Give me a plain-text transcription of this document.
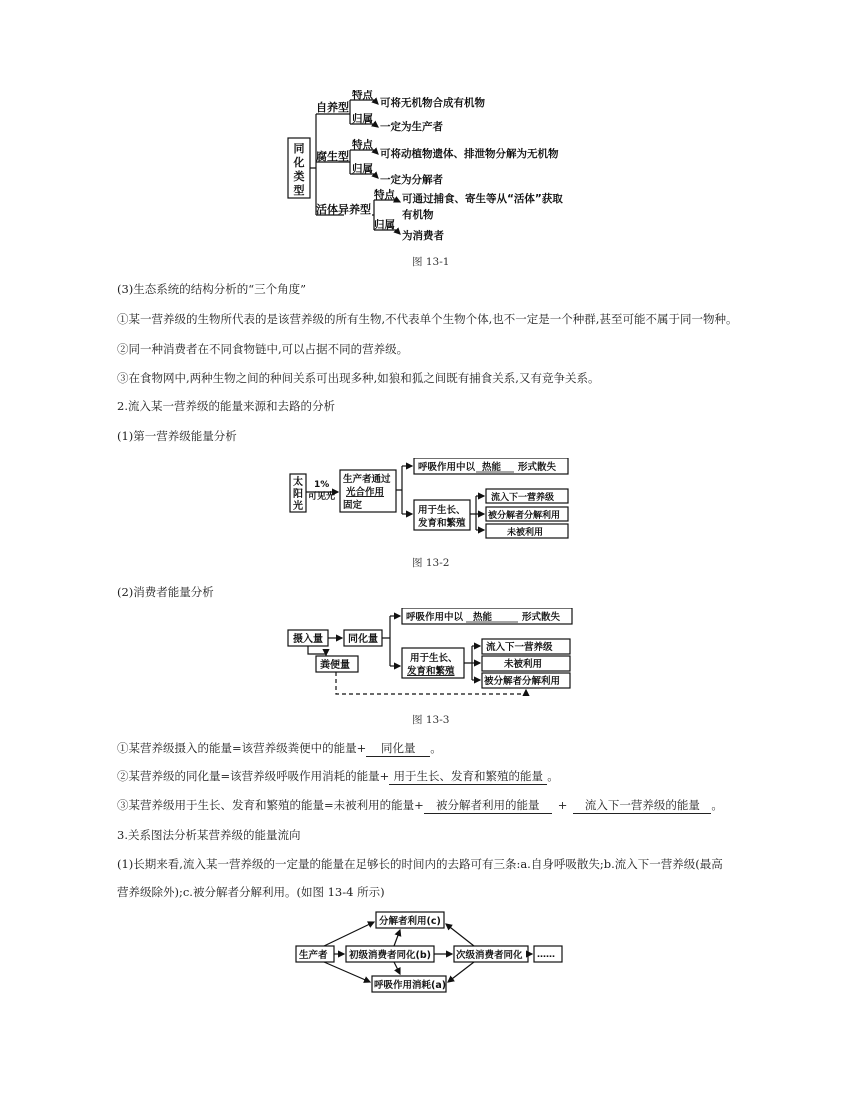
同
化
类
型
自养型
特点
归属
可将无机物合成有机物
一定为生产者
腐生型
特点
归属
可将动植物遗体、排泄物分解为无机物
一定为分解者
活体异养型
特点
归属
可通过捕食、寄生等从“活体”获取
有机物
为消费者
图 13-1
(3)生态系统的结构分析的“三个角度”
①某一营养级的生物所代表的是该营养级的所有生物,不代表单个生物个体,也不一定是一个种群,甚至可能不属于同一物种。
②同一种消费者在不同食物链中,可以占据不同的营养级。
③在食物网中,两种生物之间的种间关系可出现多种,如狼和狐之间既有捕食关系,又有竞争关系。
2.流入某一营养级的能量来源和去路的分析
(1)第一营养级能量分析
太
阳
光
1%
可见光
生产者通过
光合作用
固定
呼吸作用中以 热能 形式散失
用于生长、
发育和繁殖
流入下一营养级
被分解者分解利用
未被利用
图 13-2
(2)消费者能量分析
摄入量	同化量
粪便量
呼吸作用中以 热能	形式散失
用于生长、
发育和繁殖
流入下一营养级
未被利用
被分解者分解利用
图 13-3
①某营养级摄入的能量=该营养级粪便中的能量+ 同化量 。
②某营养级的同化量=该营养级呼吸作用消耗的能量+ 用于生长、发育和繁殖的能量 。
③某营养级用于生长、发育和繁殖的能量=未被利用的能量+ 被分解者利用的能量 + 流入下一营养级的能量 。
3.关系图法分析某营养级的能量流向
(1)长期来看,流入某一营养级的一定量的能量在足够长的时间内的去路可有三条:a.自身呼吸散失;b.流入下一营养级(最高
营养级除外);c.被分解者分解利用。(如图 13-4 所示)
分解者利用(c)
生产者 初级消费者同化(b)	次级消费者同化 ……
呼吸作用消耗(a)
